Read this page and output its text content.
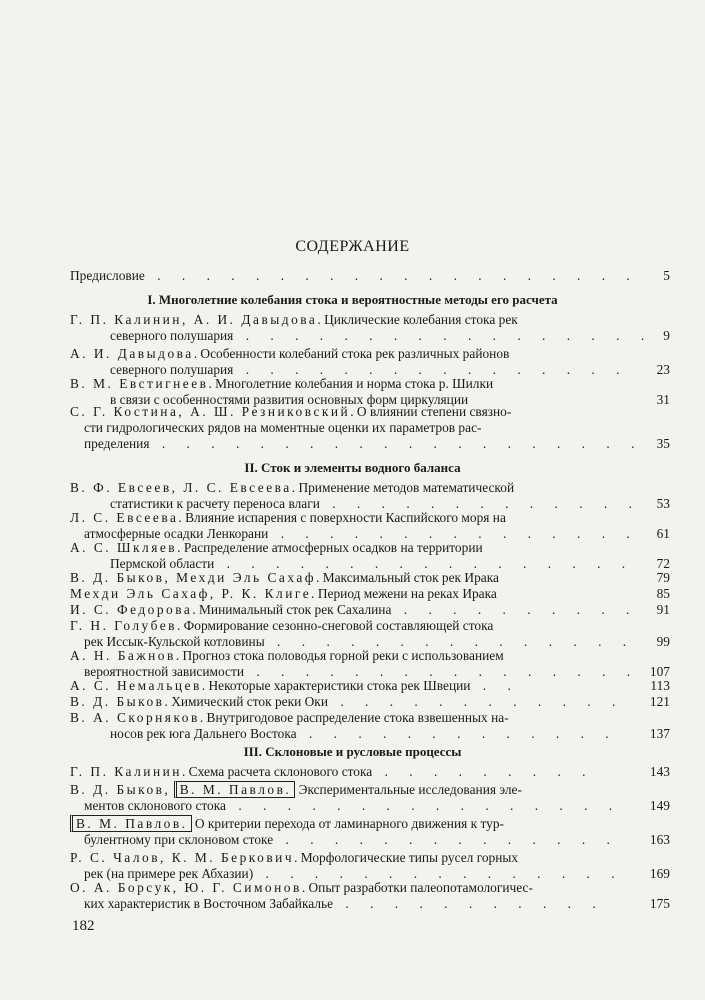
СОДЕРЖАНИЕ
Предисловие . . . . . . . . . . . . . . . . . . . . 5
I. Многолетние колебания стока и вероятностные методы его расчета
Г. П. Калинин, А. И. Давыдова. Циклические колебания стока рек
северного полушария . . . . . . . . . . . . . . . . . 9
А. И. Давыдова. Особенности колебаний стока рек различных районов
северного полушария . . . . . . . . . . . . . . . . 23
В. М. Евстигнеев. Многолетние колебания и норма стока р. Шилки
в связи с особенностями развития основных форм циркуляции	31
С. Г. Костина, А. Ш. Резниковский. О влиянии степени связно-
сти гидрологических рядов на моментные оценки их параметров рас-
пределения . . . . . . . . . . . . . . . . . . . . 35
II. Сток и элементы водного баланса
В. Ф. Евсеев, Л. С. Евсеева. Применение методов математической
статистики к расчету переноса влаги . . . . . . . . . . . . . 53
Л. С. Евсеева. Влияние испарения с поверхности Каспийского моря на
атмосферные осадки Ленкорани . . . . . . . . . . . . . . . 61
А. С. Шкляев. Распределение атмосферных осадков на территории
Пермской области . . . . . . . . . . . . . . . . . 72
В. Д. Быков, Мехди Эль Сахаф. Максимальный сток рек Ирака	79
Мехди Эль Сахаф, Р. К. Клиге. Период межени на реках Ирака	85
И. С. Федорова. Минимальный сток рек Сахалина . . . . . . . . . . 91
Г. Н. Голубев. Формирование сезонно-снеговой составляющей стока
рек Иссык-Кульской котловины . . . . . . . . . . . . . . . 99
А. Н. Бажнов. Прогноз стока половодья горной реки с использованием
вероятностной зависимости . . . . . . . . . . . . . . . . 107
А. С. Немальцев. Некоторые характеристики стока рек Швеции . .	113
В. Д. Быков. Химический сток реки Оки . . . . . . . . . . . . 121
В. А. Скорняков. Внутригодовое распределение стока взвешенных на-
носов рек юга Дальнего Востока . . . . . . . . . . . . . 137
III. Склоновые и русловые процессы
Г. П. Калинин. Схема расчета склонового стока . . . . . . . . .	143
В. Д. Быков, В. М. Павлов. Экспериментальные исследования эле-
ментов склонового стока . . . . . . . . . . . . . . . . 149
В. М. Павлов. О критерии перехода от ламинарного движения к тур-
булентному при склоновом стоке . . . . . . . . . . . . . . 163
Р. С. Чалов, К. М. Беркович. Морфологические типы русел горных
рек (на примере рек Абхазии) . . . . . . . . . . . . . . . 169
О. А. Борсук, Ю. Г. Симонов. Опыт разработки палеопотамологичес-
ких характеристик в Восточном Забайкалье . . . . . . . . . . .	175
182
